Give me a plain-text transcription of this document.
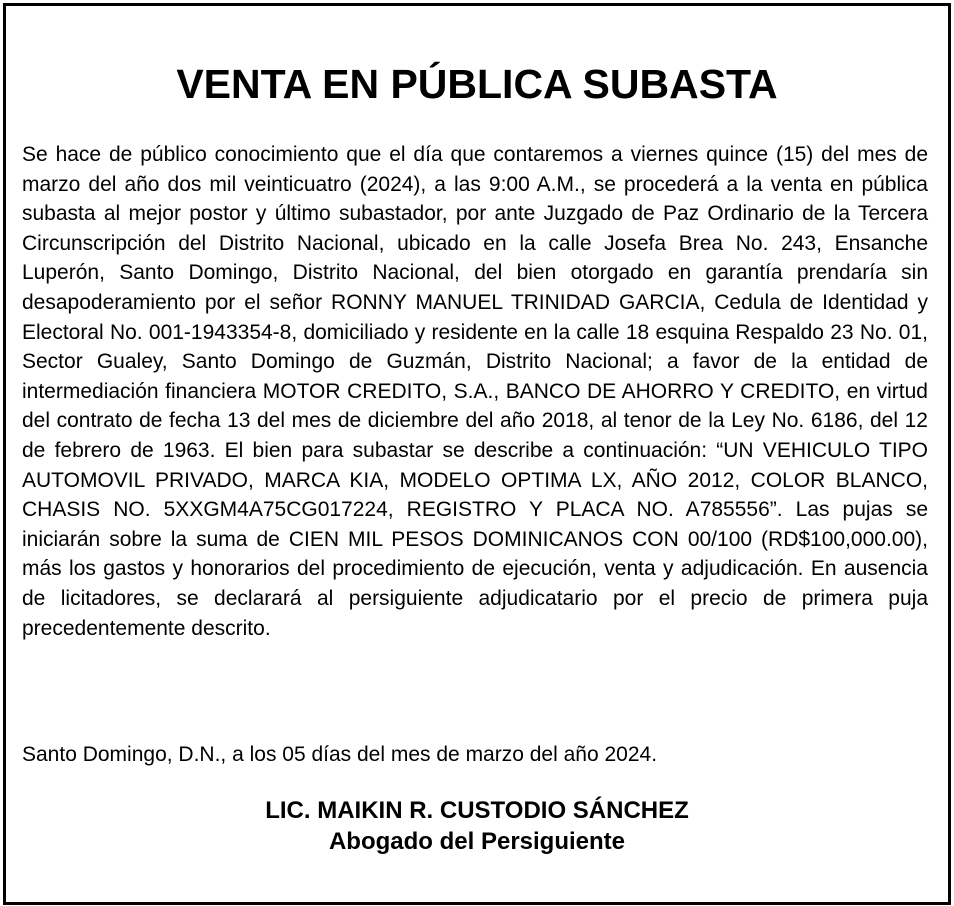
VENTA EN PÚBLICA SUBASTA

Se hace de público conocimiento que el día que contaremos a viernes quince (15) del mes de marzo del año dos mil veinticuatro (2024), a las 9:00 A.M., se procederá a la venta en pública subasta al mejor postor y último subastador, por ante Juzgado de Paz Ordinario de la Tercera Circunscripción del Distrito Nacional, ubicado en la calle Josefa Brea No. 243, Ensanche Luperón, Santo Domingo, Distrito Nacional, del bien otorgado en garantía prendaría sin desapoderamiento por el señor RONNY MANUEL TRINIDAD GARCIA, Cedula de Identidad y Electoral No. 001-1943354-8, domiciliado y residente en la calle 18 esquina Respaldo 23 No. 01, Sector Gualey, Santo Domingo de Guzmán, Distrito Nacional; a favor de la entidad de intermediación financiera MOTOR CREDITO, S.A., BANCO DE AHORRO Y CREDITO, en virtud del contrato de fecha 13 del mes de diciembre del año 2018, al tenor de la Ley No. 6186, del 12 de febrero de 1963. El bien para subastar se describe a continuación: “UN VEHICULO TIPO AUTOMOVIL PRIVADO, MARCA KIA, MODELO OPTIMA LX, AÑO 2012, COLOR BLANCO, CHASIS NO. 5XXGM4A75CG017224, REGISTRO Y PLACA NO. A785556”. Las pujas se iniciarán sobre la suma de CIEN MIL PESOS DOMINICANOS CON 00/100 (RD$100,000.00), más los gastos y honorarios del procedimiento de ejecución, venta y adjudicación. En ausencia de licitadores, se declarará al persiguiente adjudicatario por el precio de primera puja precedentemente descrito.

Santo Domingo, D.N., a los 05 días del mes de marzo del año 2024.

LIC. MAIKIN R. CUSTODIO SÁNCHEZ
Abogado del Persiguiente
